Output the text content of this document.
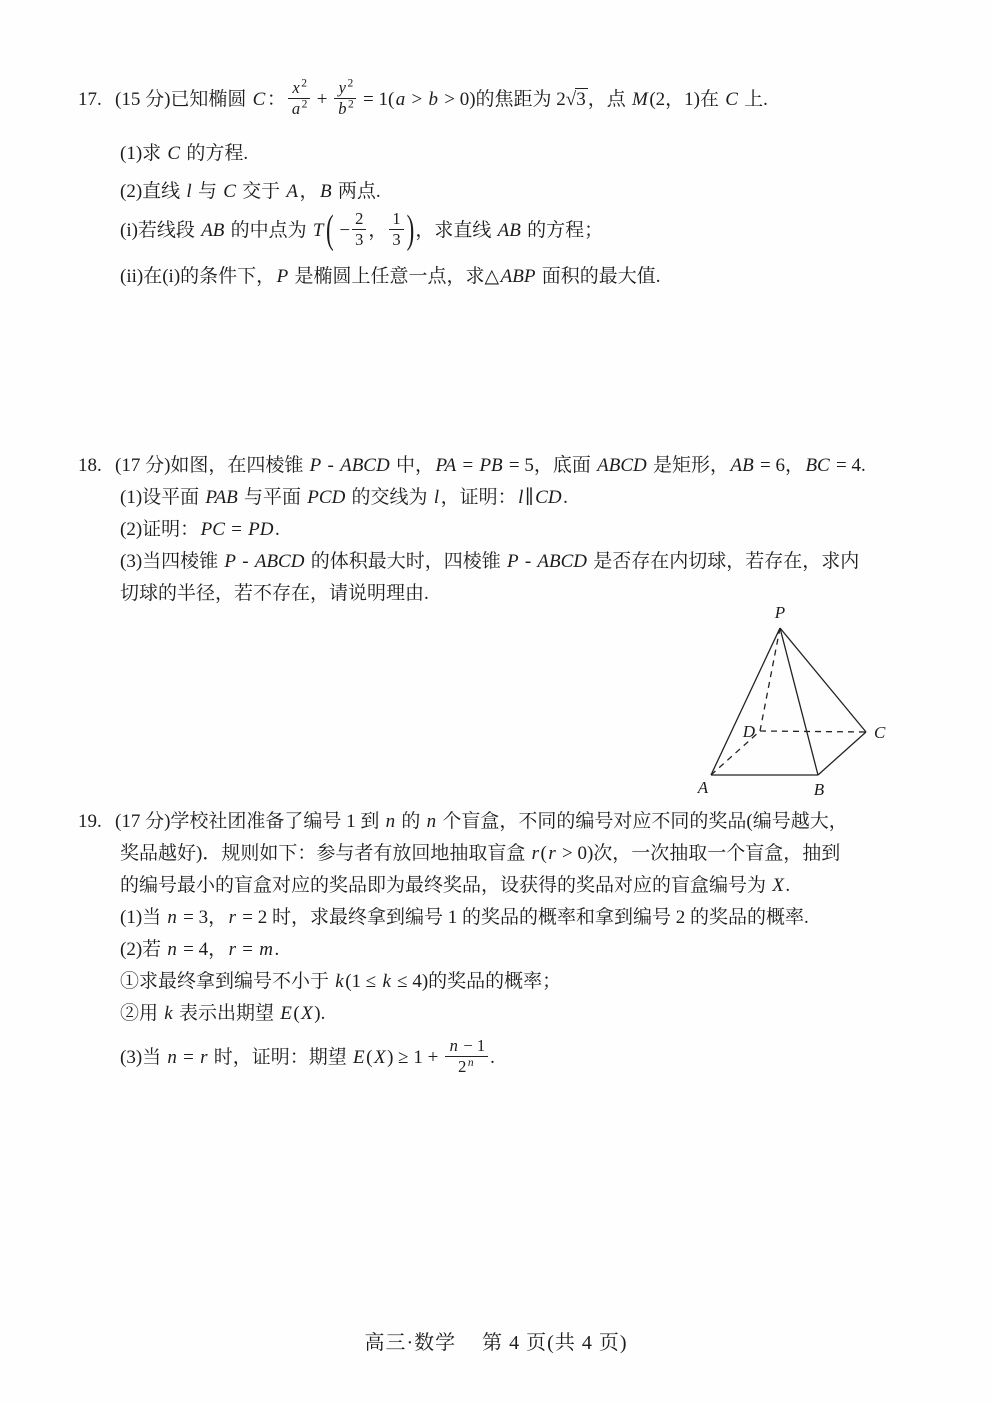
17. (15 分)已知椭圆 C： $\frac{x ^2}{a ^2} + \frac{y ^2}{b ^2} = 1(a > b > 0)$的焦距为 2√3 ，点 M(2，1)在 C 上.

(1)求 C 的方程.

(2)直线 l 与 C 交于 A，B 两点.

(i)若线段 AB 的中点为 T ( − $\frac{2}{3}$ ， $\frac{1}{3}$ )，求直线 AB 的方程；

(ii)在(i)的条件下，P 是椭圆上任意一点，求△ABP 面积的最大值.

18. (17 分)如图，在四棱锥 P - ABCD 中，PA = PB = 5，底面 ABCD 是矩形，AB = 6，BC = 4.

(1)设平面 PAB 与平面 PCD 的交线为 l，证明：l∥CD.

(2)证明：PC = PD.

(3)当四棱锥 P - ABCD 的体积最大时，四棱锥 P - ABCD 是否存在内切球，若存在，求内

切球的半径，若不存在，请说明理由.

P
A	B
C
D
19. (17 分)学校社团准备了编号 1 到 n 的 n 个盲盒，不同的编号对应不同的奖品(编号越大，

奖品越好)．规则如下：参与者有放回地抽取盲盒 r(r > 0)次，一次抽取一个盲盒，抽到

的编号最小的盲盒对应的奖品即为最终奖品，设获得的奖品对应的盲盒编号为 X.

(1)当 n = 3，r = 2 时，求最终拿到编号 1 的奖品的概率和拿到编号 2 的奖品的概率.

(2)若 n = 4，r = m.

①求最终拿到编号不小于 k(1 ≤ k ≤ 4)的奖品的概率；

②用 k 表示出期望 E(X).

(3)当 n = r 时，证明：期望 $E(X) \ge 1 + \frac{n - 1}{2 ^n}$ .

高三·数学 第 4 页(共 4 页)
